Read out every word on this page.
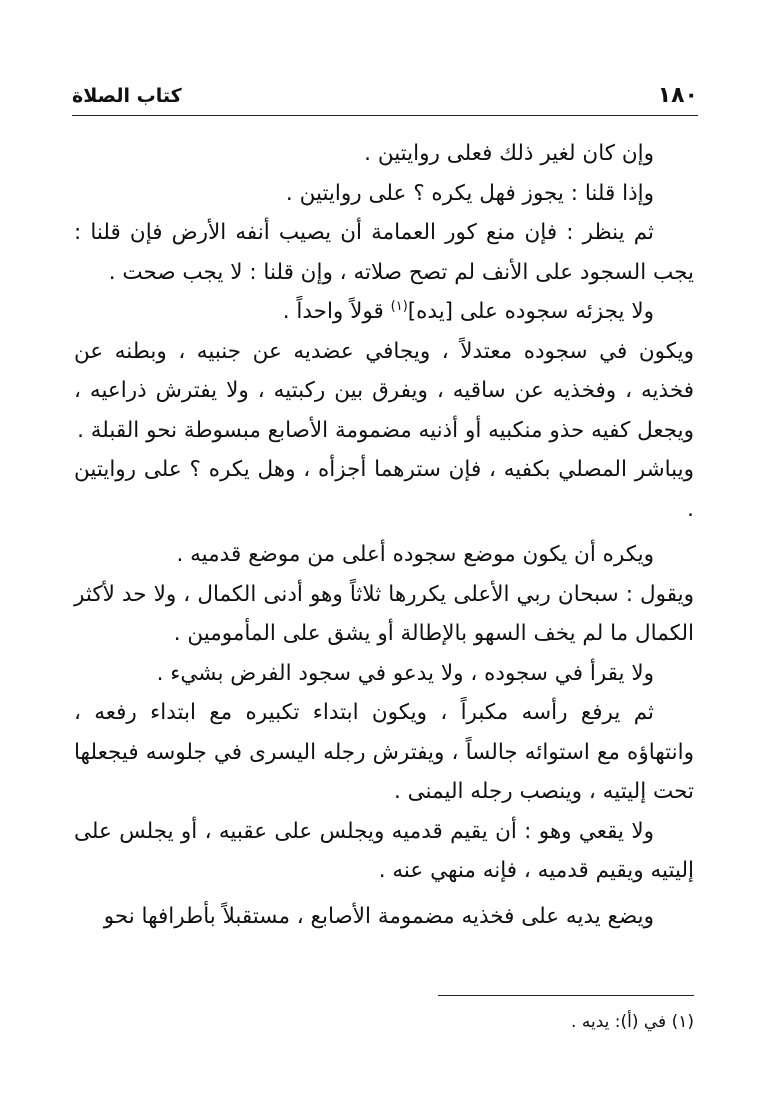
١٨٠
كتاب الصلاة

وإن كان لغير ذلك فعلى روايتين .

وإذا قلنا : يجوز فهل يكره ؟ على روايتين .

ثم ينظر : فإن منع كور العمامة أن يصيب أنفه الأرض فإن قلنا : يجب السجود على الأنف لم تصح صلاته ، وإن قلنا : لا يجب صحت .

ولا يجزئه سجوده على [يده]$^{(١)}$ قولاً واحداً .

ويكون في سجوده معتدلاً ، ويجافي عضديه عن جنبيه ، وبطنه عن فخذيه ، وفخذيه عن ساقيه ، ويفرق بين ركبتيه ، ولا يفترش ذراعيه ، ويجعل كفيه حذو منكبيه أو أذنيه مضمومة الأصابع مبسوطة نحو القبلة .

ويباشر المصلي بكفيه ، فإن سترهما أجزأه ، وهل يكره ؟ على روايتين .

ويكره أن يكون موضع سجوده أعلى من موضع قدميه .

ويقول : سبحان ربي الأعلى يكررها ثلاثاً وهو أدنى الكمال ، ولا حد لأكثر الكمال ما لم يخف السهو بالإطالة أو يشق على المأمومين .

ولا يقرأ في سجوده ، ولا يدعو في سجود الفرض بشيء .

ثم يرفع رأسه مكبراً ، ويكون ابتداء تكبيره مع ابتداء رفعه ، وانتهاؤه مع استوائه جالساً ، ويفترش رجله اليسرى في جلوسه فيجعلها تحت إليتيه ، وينصب رجله اليمنى .

ولا يقعي وهو : أن يقيم قدميه ويجلس على عقبيه ، أو يجلس على إليتيه ويقيم قدميه ، فإنه منهي عنه .

ويضع يديه على فخذيه مضمومة الأصابع ، مستقبلاً بأطرافها نحو

(١) في (أ): يديه .
